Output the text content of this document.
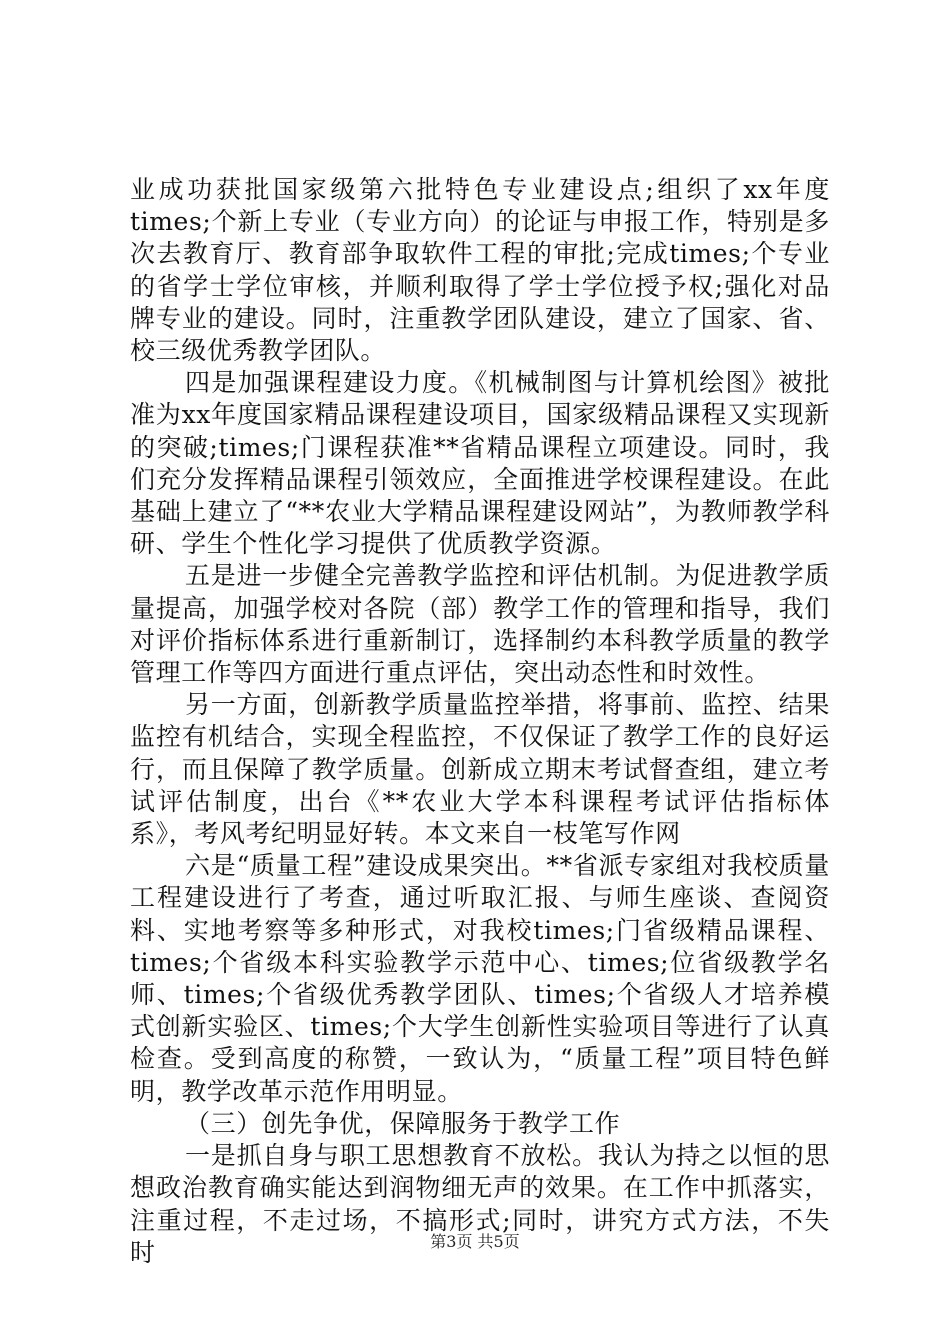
业成功获批国家级第六批特色专业建设点;组织了xx年度times;个新上专业（专业方向）的论证与申报工作，特别是多次去教育厅、教育部争取软件工程的审批;完成times;个专业的省学士学位审核，并顺利取得了学士学位授予权;强化对品牌专业的建设。同时，注重教学团队建设，建立了国家、省、校三级优秀教学团队。

四是加强课程建设力度。《机械制图与计算机绘图》被批准为xx年度国家精品课程建设项目，国家级精品课程又实现新的突破;times;门课程获准**省精品课程立项建设。同时，我们充分发挥精品课程引领效应，全面推进学校课程建设。在此基础上建立了“**农业大学精品课程建设网站”，为教师教学科研、学生个性化学习提供了优质教学资源。

五是进一步健全完善教学监控和评估机制。为促进教学质量提高，加强学校对各院（部）教学工作的管理和指导，我们对评价指标体系进行重新制订，选择制约本科教学质量的教学管理工作等四方面进行重点评估，突出动态性和时效性。

另一方面，创新教学质量监控举措，将事前、监控、结果监控有机结合，实现全程监控，不仅保证了教学工作的良好运行，而且保障了教学质量。创新成立期末考试督查组，建立考试评估制度，出台《**农业大学本科课程考试评估指标体系》，考风考纪明显好转。本文来自一枝笔写作网

六是“质量工程”建设成果突出。**省派专家组对我校质量工程建设进行了考查，通过听取汇报、与师生座谈、查阅资料、实地考察等多种形式，对我校times;门省级精品课程、times;个省级本科实验教学示范中心、times;位省级教学名师、times;个省级优秀教学团队、times;个省级人才培养模式创新实验区、times;个大学生创新性实验项目等进行了认真检查。受到高度的称赞，一致认为，“质量工程”项目特色鲜明，教学改革示范作用明显。

（三）创先争优，保障服务于教学工作

一是抓自身与职工思想教育不放松。我认为持之以恒的思想政治教育确实能达到润物细无声的效果。在工作中抓落实，注重过程，不走过场，不搞形式;同时，讲究方式方法，不失时	第3页 共5页
